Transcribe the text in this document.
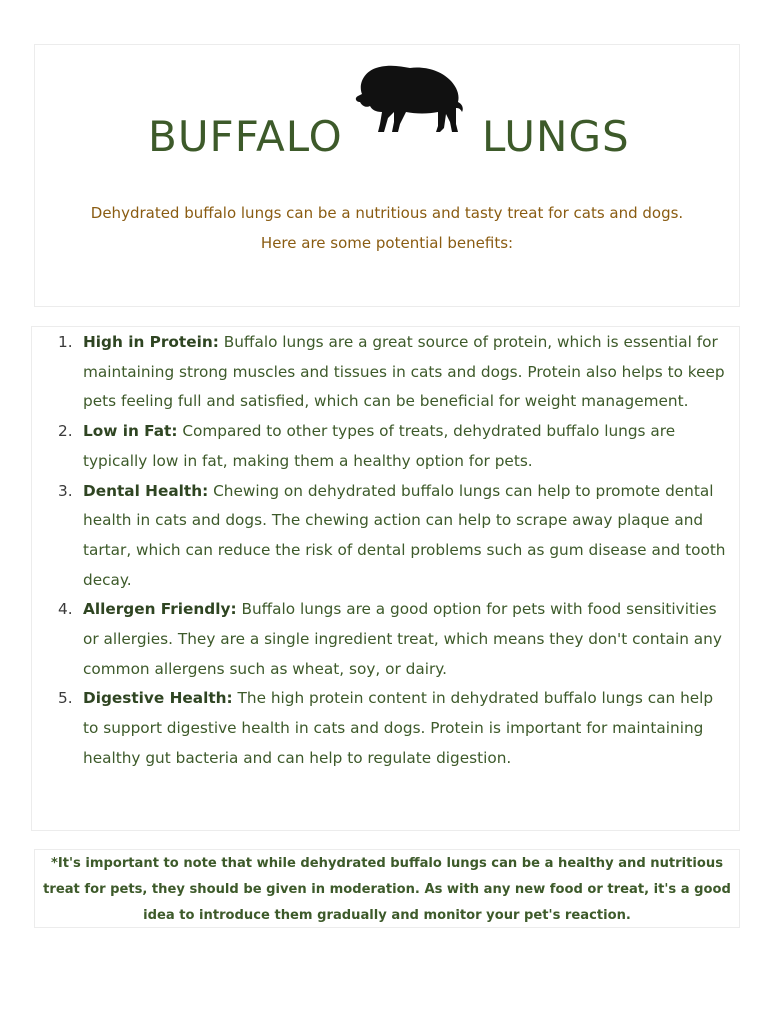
BUFFALO	LUNGS
Dehydrated buffalo lungs can be a nutritious and tasty treat for cats and dogs.
Here are some potential benefits:
1. High in Protein: Buffalo lungs are a great source of protein, which is essential for maintaining strong muscles and tissues in cats and dogs. Protein also helps to keep pets feeling full and satisfied, which can be beneficial for weight management.
2. Low in Fat: Compared to other types of treats, dehydrated buffalo lungs are typically low in fat, making them a healthy option for pets.
3. Dental Health: Chewing on dehydrated buffalo lungs can help to promote dental health in cats and dogs. The chewing action can help to scrape away plaque and tartar, which can reduce the risk of dental problems such as gum disease and tooth decay.
4. Allergen Friendly: Buffalo lungs are a good option for pets with food sensitivities or allergies. They are a single ingredient treat, which means they don't contain any common allergens such as wheat, soy, or dairy.
5. Digestive Health: The high protein content in dehydrated buffalo lungs can help to support digestive health in cats and dogs. Protein is important for maintaining healthy gut bacteria and can help to regulate digestion.

*It's important to note that while dehydrated buffalo lungs can be a healthy and nutritious treat for pets, they should be given in moderation. As with any new food or treat, it's a good idea to introduce them gradually and monitor your pet's reaction.
